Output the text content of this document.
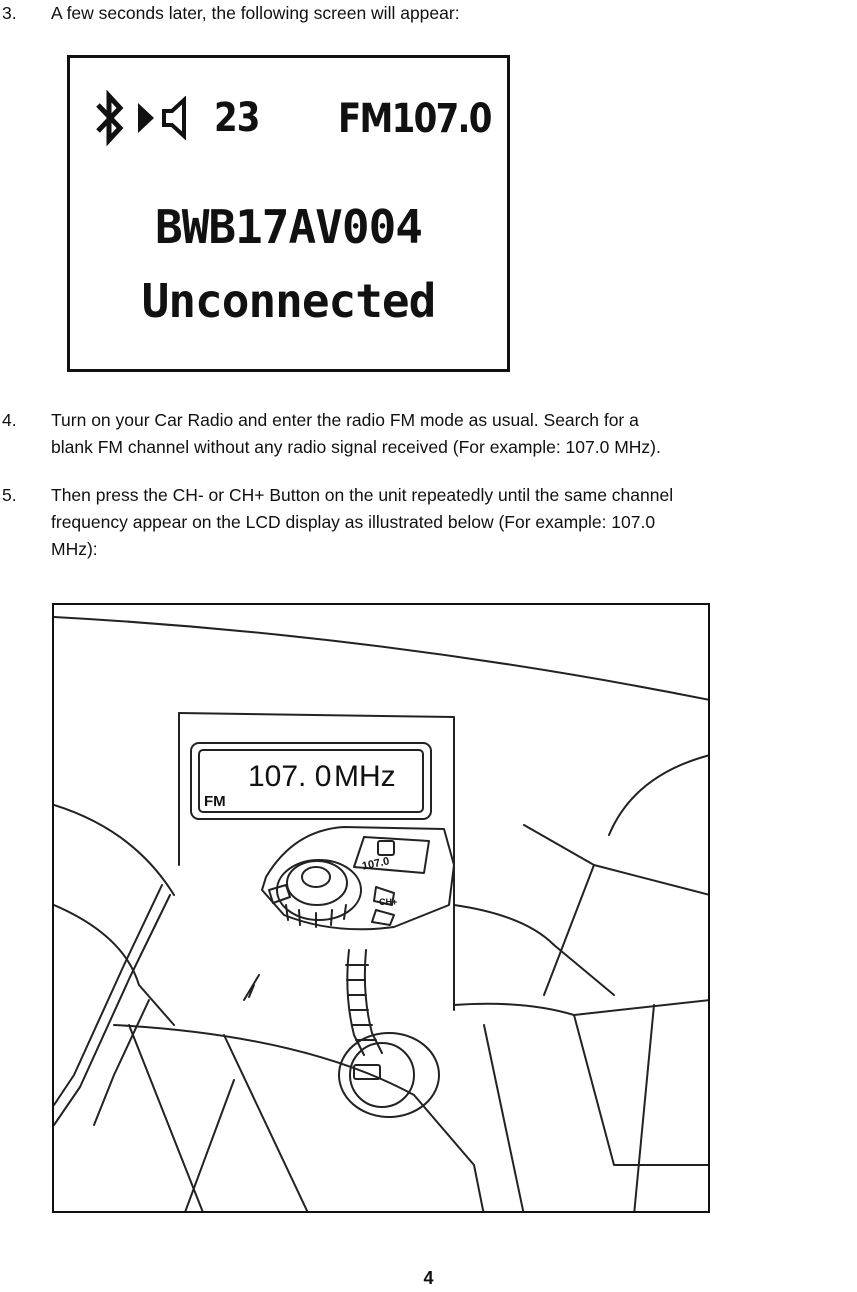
3. A few seconds later, the following screen will appear:
23 FM107.0
BWB17AV004
Unconnected
4. Turn on your Car Radio and enter the radio FM mode as usual. Search for a
blank FM channel without any radio signal received (For example: 107.0 MHz).
5. Then press the CH- or CH+ Button on the unit repeatedly until the same channel
frequency appear on the LCD display as illustrated below (For example: 107.0
MHz):
107. 0 MHz
FM
107.0
CH+
4
